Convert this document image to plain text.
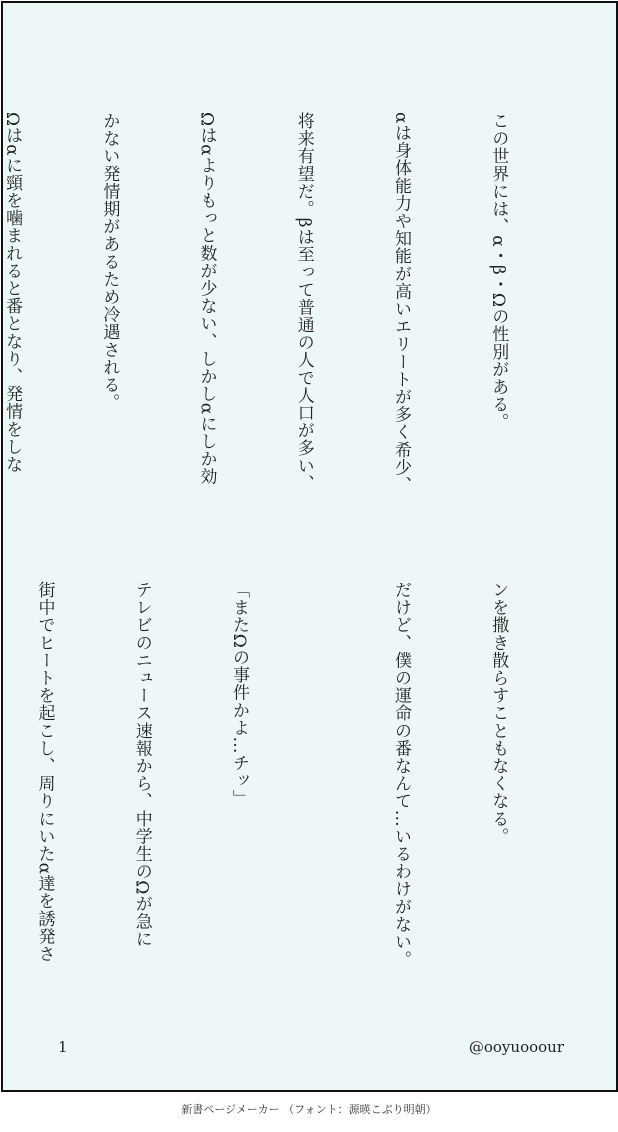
この世界には、α・β・Ωの性別がある。

αは身体能力や知能が高いエリートが多く希少、

将来有望だ。βは至って普通の人で人口が多い、

Ωはαよりもっと数が少ない、しかしαにしか効

かない発情期があるため冷遇される。

Ωはαに頸を噛まれると番となり、発情をしな

ンを撒き散らすこともなくなる。

だけど、僕の運命の番なんて…いるわけがない。

「またΩの事件かよ…チッ」

テレビのニュース速報から、中学生のΩが急に

街中でヒートを起こし、周りにいたα達を誘発さ

1	@ooyuooour
新書ページメーカー （フォント：源暎こぶり明朝）
